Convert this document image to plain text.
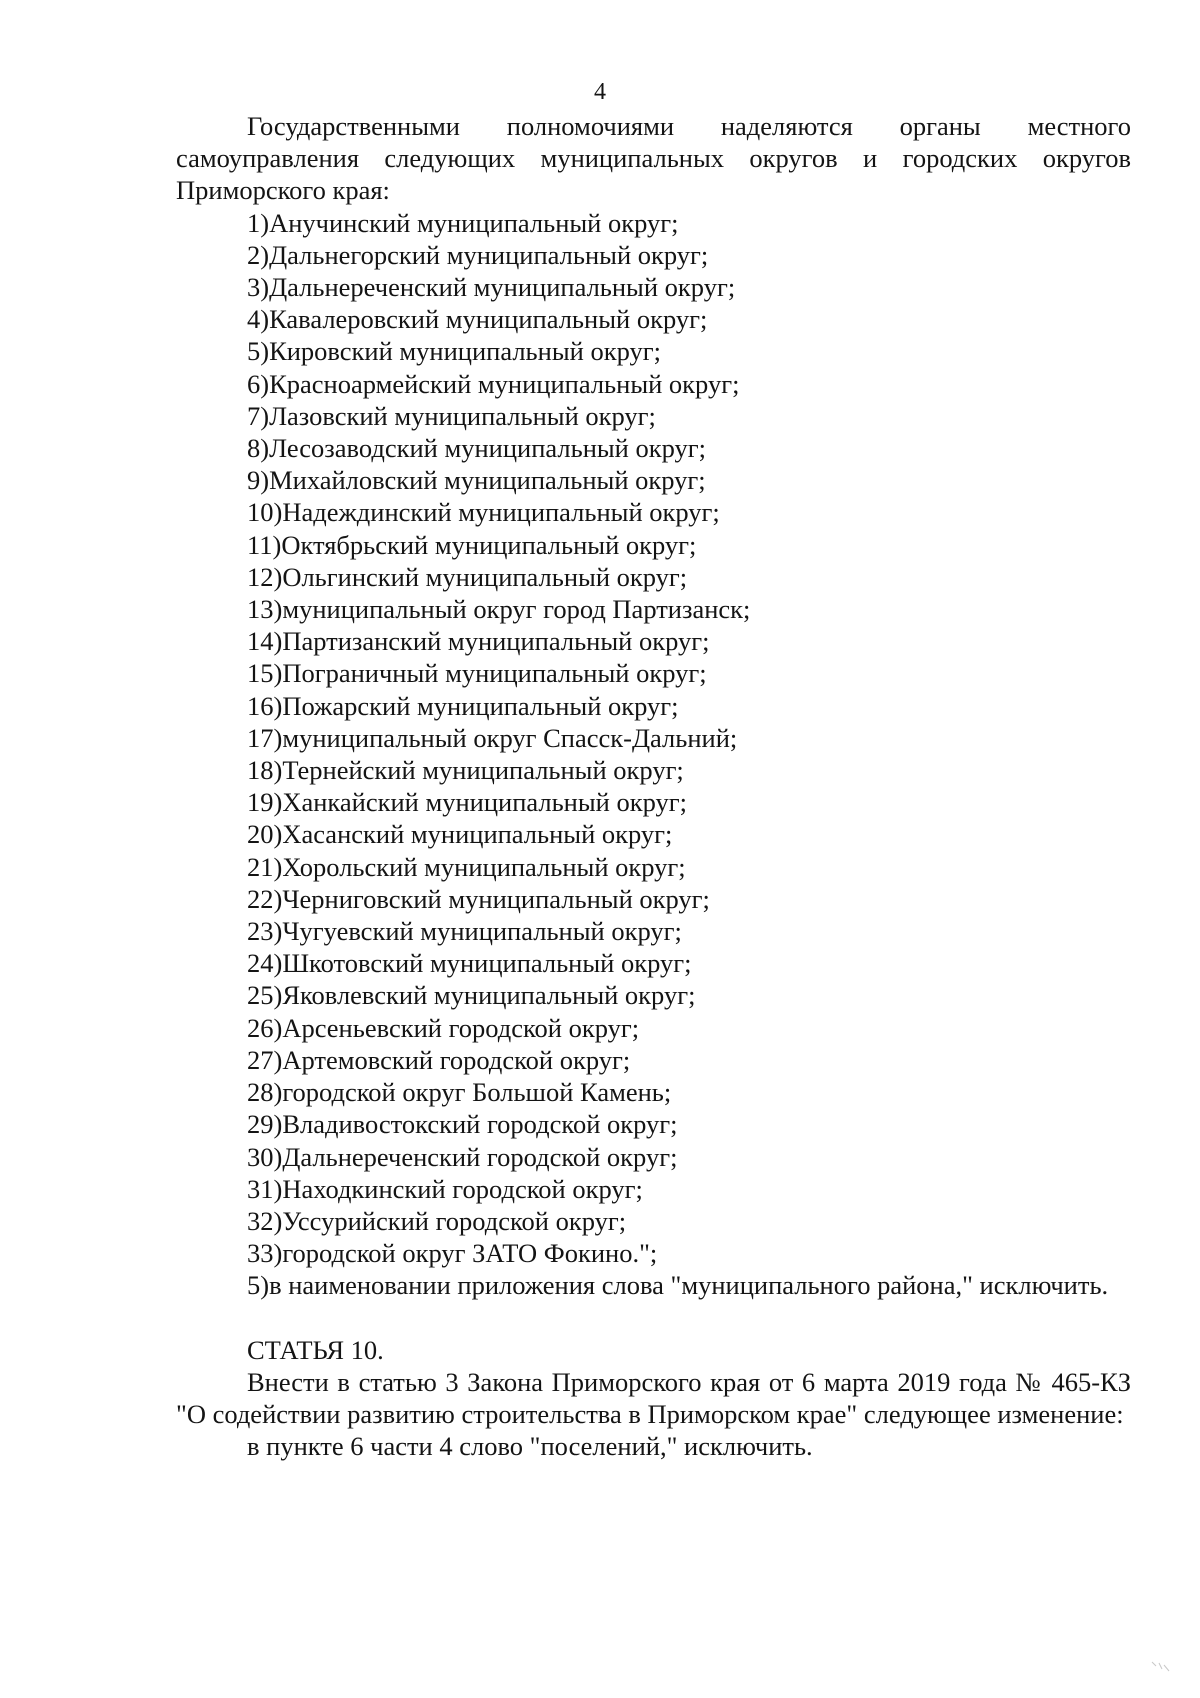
4

Государственными полномочиями наделяются органы местного самоуправления следующих муниципальных округов и городских округов Приморского края:

1)Анучинский муниципальный округ;
2)Дальнегорский муниципальный округ;
3)Дальнереченский муниципальный округ;
4)Кавалеровский муниципальный округ;
5)Кировский муниципальный округ;
6)Красноармейский муниципальный округ;
7)Лазовский муниципальный округ;
8)Лесозаводский муниципальный округ;
9)Михайловский муниципальный округ;
10)Надеждинский муниципальный округ;
11)Октябрьский муниципальный округ;
12)Ольгинский муниципальный округ;
13)муниципальный округ город Партизанск;
14)Партизанский муниципальный округ;
15)Пограничный муниципальный округ;
16)Пожарский муниципальный округ;
17)муниципальный округ Спасск-Дальний;
18)Тернейский муниципальный округ;
19)Ханкайский муниципальный округ;
20)Хасанский муниципальный округ;
21)Хорольский муниципальный округ;
22)Черниговский муниципальный округ;
23)Чугуевский муниципальный округ;
24)Шкотовский муниципальный округ;
25)Яковлевский муниципальный округ;
26)Арсеньевский городской округ;
27)Артемовский городской округ;
28)городской округ Большой Камень;
29)Владивостокский городской округ;
30)Дальнереченский городской округ;
31)Находкинский городской округ;
32)Уссурийский городской округ;
33)городской округ ЗАТО Фокино.";

5)в наименовании приложения слова "муниципального района," исключить.

СТАТЬЯ 10.

Внести в статью 3 Закона Приморского края от 6 марта 2019 года № 465-КЗ "О содействии развитию строительства в Приморском крае" следующее изменение:

в пункте 6 части 4 слово "поселений," исключить.
